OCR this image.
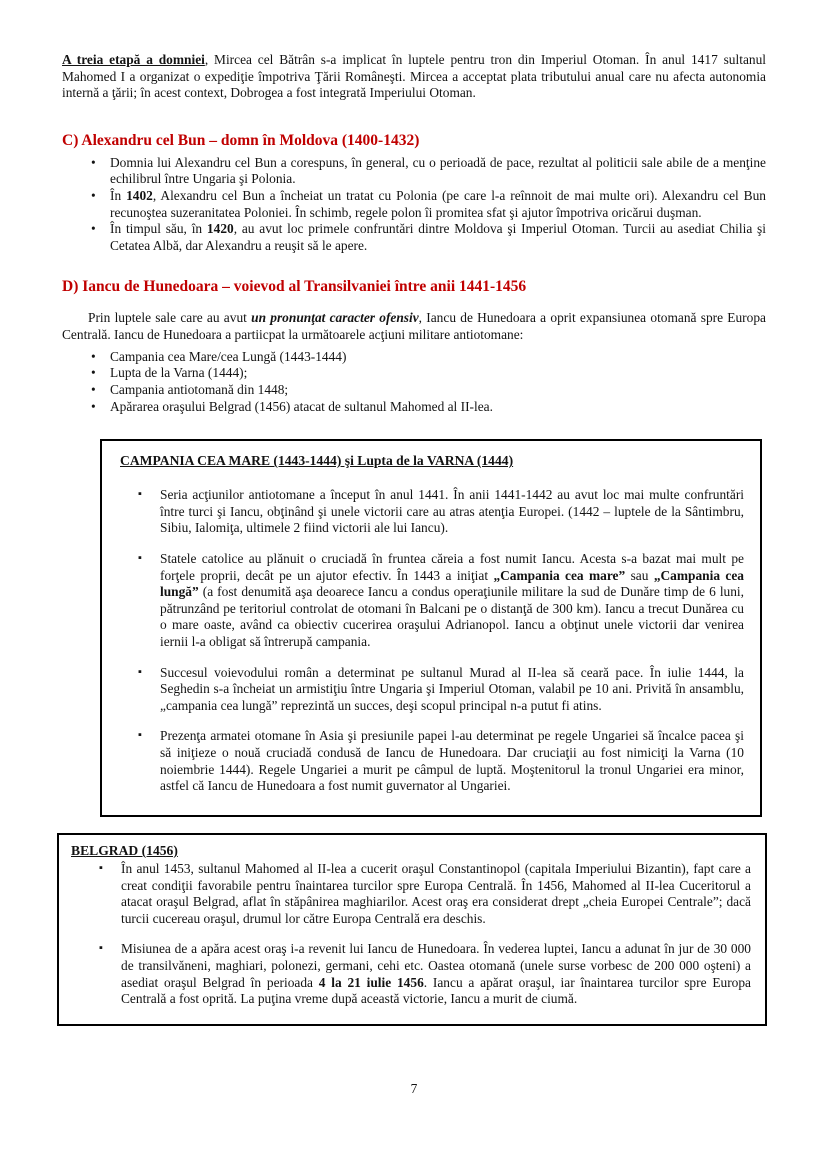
A treia etapă a domniei, Mircea cel Bătrân s-a implicat în luptele pentru tron din Imperiul Otoman. În anul 1417 sultanul Mahomed I a organizat o expediţie împotriva Ţării Româneşti. Mircea a acceptat plata tributului anual care nu afecta autonomia internă a ţării; în acest context, Dobrogea a fost integrată Imperiului Otoman.

C) Alexandru cel Bun – domn în Moldova (1400-1432)
• Domnia lui Alexandru cel Bun a corespuns, în general, cu o perioadă de pace, rezultat al politicii sale abile de a menţine echilibrul între Ungaria şi Polonia.
• În 1402, Alexandru cel Bun a încheiat un tratat cu Polonia (pe care l-a reînnoit de mai multe ori). Alexandru cel Bun recunoştea suzeranitatea Poloniei. În schimb, regele polon îi promitea sfat şi ajutor împotriva oricărui duşman.
• În timpul său, în 1420, au avut loc primele confruntări dintre Moldova şi Imperiul Otoman. Turcii au asediat Chilia şi Cetatea Albă, dar Alexandru a reuşit să le apere.
D) Iancu de Hunedoara – voievod al Transilvaniei între anii 1441-1456

Prin luptele sale care au avut un pronunţat caracter ofensiv, Iancu de Hunedoara a oprit expansiunea otomană spre Europa Centrală. Iancu de Hunedoara a partiicpat la următoarele acţiuni militare antiotomane:

• Campania cea Mare/cea Lungă (1443-1444)
• Lupta de la Varna (1444);
• Campania antiotomană din 1448;
• Apărarea oraşului Belgrad (1456) atacat de sultanul Mahomed al II-lea.
CAMPANIA CEA MARE (1443-1444) şi Lupta de la VARNA (1444)
▪ Seria acţiunilor antiotomane a început în anul 1441. În anii 1441-1442 au avut loc mai multe confruntări între turci şi Iancu, obţinând şi unele victorii care au atras atenţia Europei. (1442 – luptele de la Sântimbru, Sibiu, Ialomiţa, ultimele 2 fiind victorii ale lui Iancu).
▪ Statele catolice au plănuit o cruciadă în fruntea căreia a fost numit Iancu. Acesta s-a bazat mai mult pe forţele proprii, decât pe un ajutor efectiv. În 1443 a iniţiat „Campania cea mare” sau „Campania cea lungă” (a fost denumită aşa deoarece Iancu a condus operaţiunile militare la sud de Dunăre timp de 6 luni, pătrunzând pe teritoriul controlat de otomani în Balcani pe o distanţă de 300 km). Iancu a trecut Dunărea cu o mare oaste, având ca obiectiv cucerirea oraşului Adrianopol. Iancu a obţinut unele victorii dar venirea iernii l-a obligat să întrerupă campania.
▪ Succesul voievodului român a determinat pe sultanul Murad al II-lea să ceară pace. În iulie 1444, la Seghedin s-a încheiat un armistiţiu între Ungaria şi Imperiul Otoman, valabil pe 10 ani. Privită în ansamblu, „campania cea lungă” reprezintă un succes, deşi scopul principal n-a putut fi atins.
▪ Prezenţa armatei otomane în Asia şi presiunile papei l-au determinat pe regele Ungariei să încalce pacea şi să iniţieze o nouă cruciadă condusă de Iancu de Hunedoara. Dar cruciaţii au fost nimiciţi la Varna (10 noiembrie 1444). Regele Ungariei a murit pe câmpul de luptă. Moştenitorul la tronul Ungariei era minor, astfel că Iancu de Hunedoara a fost numit guvernator al Ungariei.
BELGRAD (1456)
▪ În anul 1453, sultanul Mahomed al II-lea a cucerit oraşul Constantinopol (capitala Imperiului Bizantin), fapt care a creat condiţii favorabile pentru înaintarea turcilor spre Europa Centrală. În 1456, Mahomed al II-lea Cuceritorul a atacat oraşul Belgrad, aflat în stăpânirea maghiarilor. Acest oraş era considerat drept „cheia Europei Centrale”; dacă turcii cucereau oraşul, drumul lor către Europa Centrală era deschis.
▪ Misiunea de a apăra acest oraş i-a revenit lui Iancu de Hunedoara. În vederea luptei, Iancu a adunat în jur de 30 000 de transilvăneni, maghiari, polonezi, germani, cehi etc. Oastea otomană (unele surse vorbesc de 200 000 oşteni) a asediat oraşul Belgrad în perioada 4 la 21 iulie 1456. Iancu a apărat oraşul, iar înaintarea turcilor spre Europa Centrală a fost oprită. La puţina vreme după această victorie, Iancu a murit de ciumă.
7
